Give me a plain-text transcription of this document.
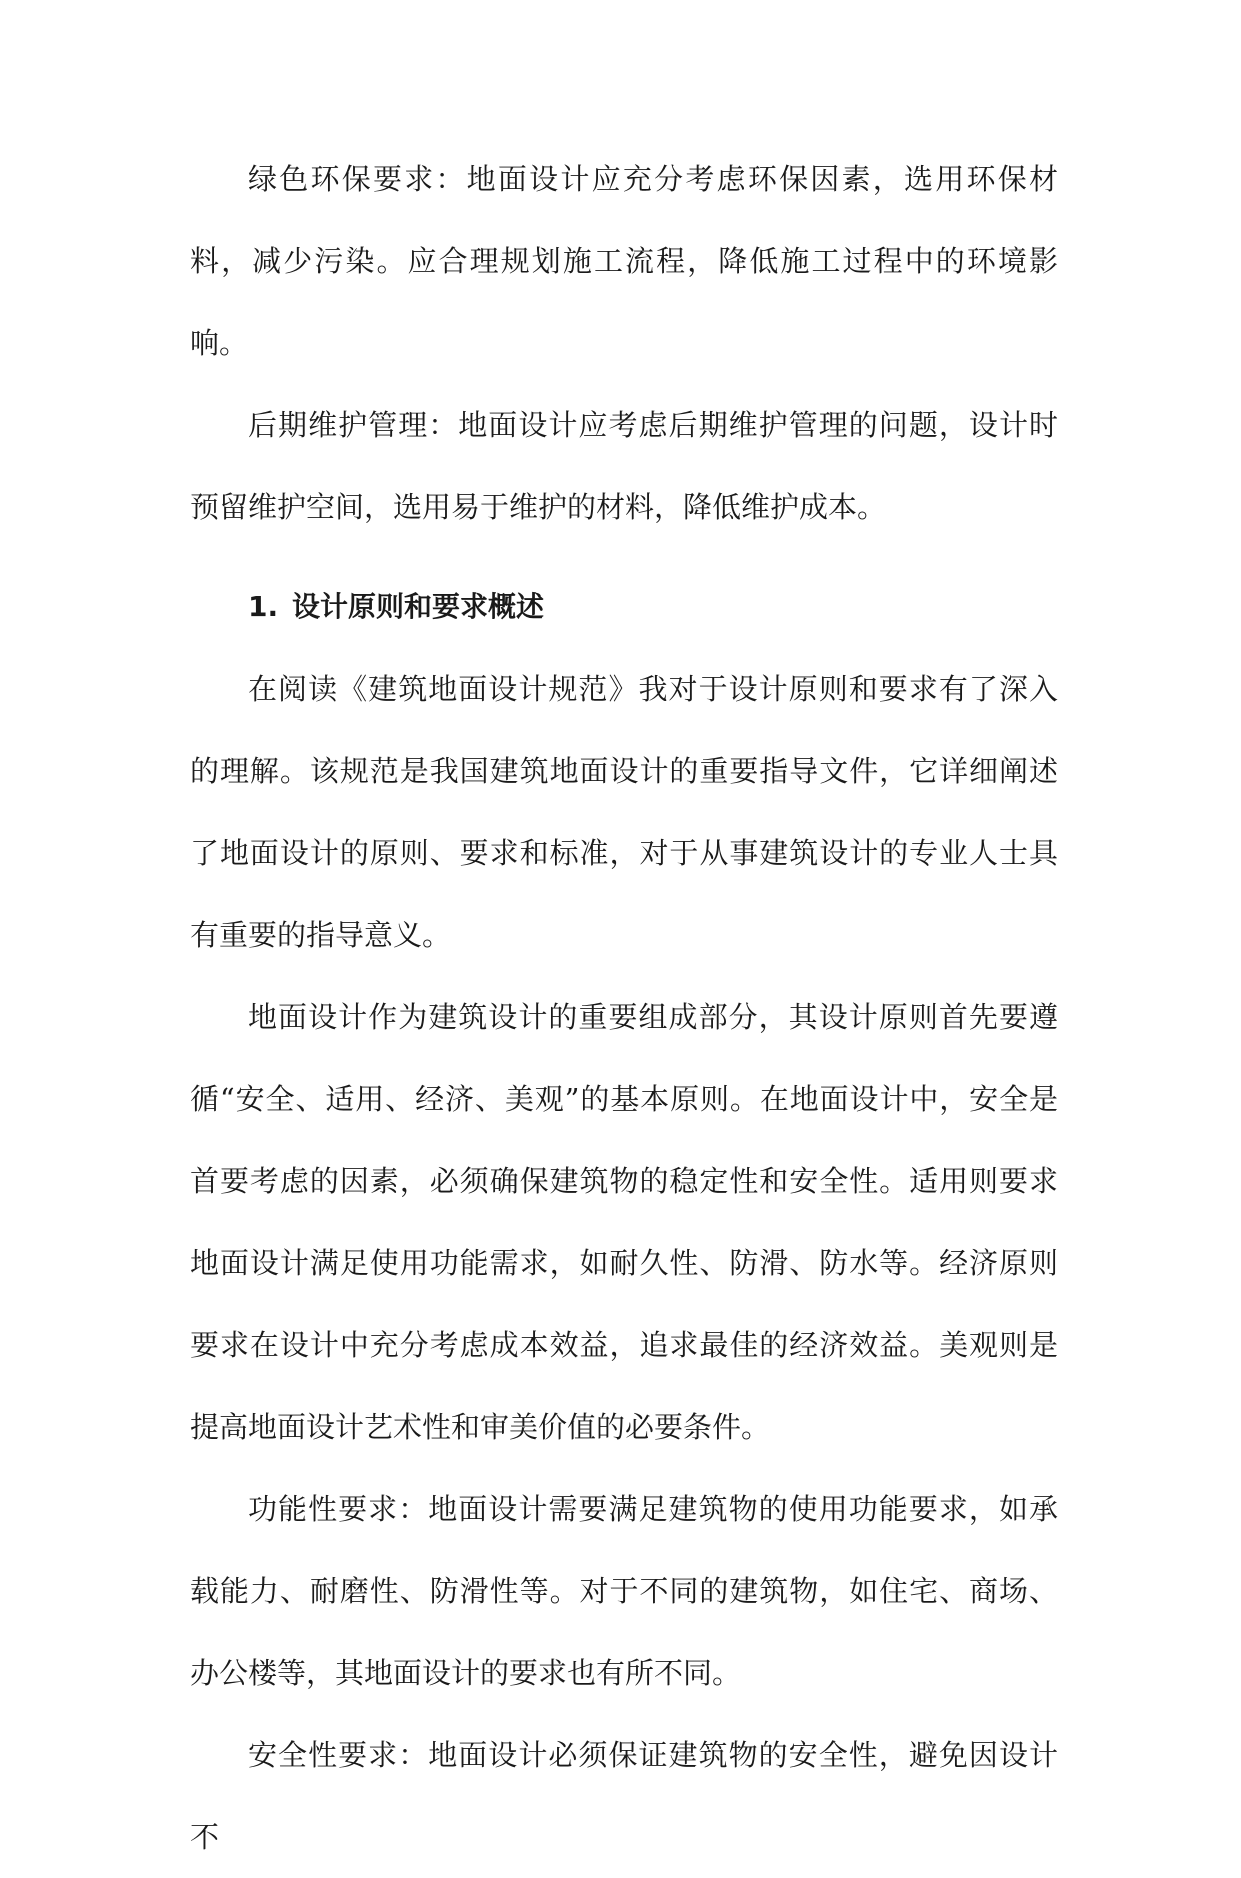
绿色环保要求：地面设计应充分考虑环保因素，选用环保材料，减少污染。应合理规划施工流程，降低施工过程中的环境影响。

后期维护管理：地面设计应考虑后期维护管理的问题，设计时预留维护空间，选用易于维护的材料，降低维护成本。

1. 设计原则和要求概述

在阅读《建筑地面设计规范》我对于设计原则和要求有了深入的理解。该规范是我国建筑地面设计的重要指导文件，它详细阐述了地面设计的原则、要求和标准，对于从事建筑设计的专业人士具有重要的指导意义。

地面设计作为建筑设计的重要组成部分，其设计原则首先要遵循“安全、适用、经济、美观”的基本原则。在地面设计中，安全是首要考虑的因素，必须确保建筑物的稳定性和安全性。适用则要求地面设计满足使用功能需求，如耐久性、防滑、防水等。经济原则要求在设计中充分考虑成本效益，追求最佳的经济效益。美观则是提高地面设计艺术性和审美价值的必要条件。

功能性要求：地面设计需要满足建筑物的使用功能要求，如承载能力、耐磨性、防滑性等。对于不同的建筑物，如住宅、商场、办公楼等，其地面设计的要求也有所不同。

安全性要求：地面设计必须保证建筑物的安全性，避免因设计不
